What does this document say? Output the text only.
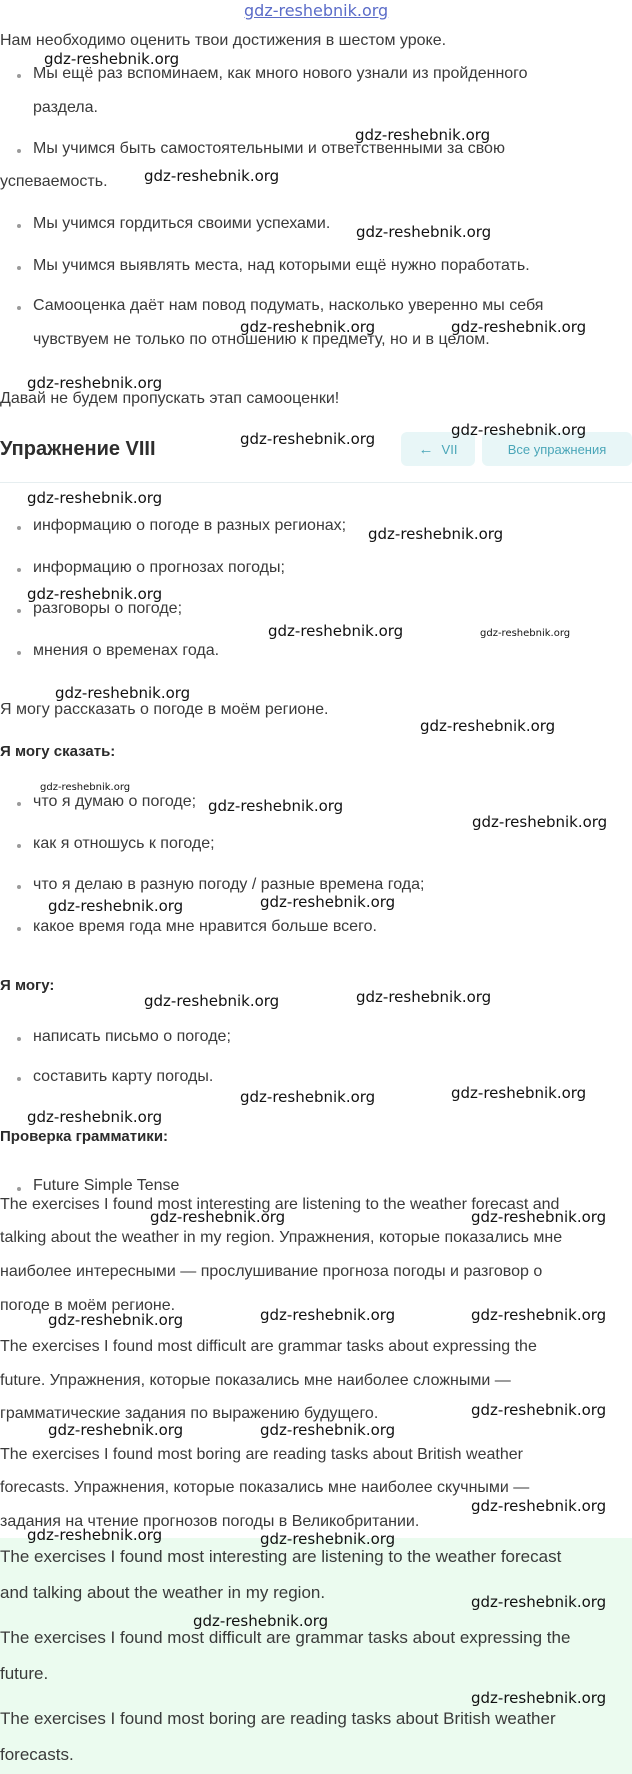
gdz-reshebnik.org
Нам необходимо оценить твои достижения в шестом уроке.
Мы ещё раз вспоминаем, как много нового узнали из пройденного
раздела.
Мы учимся быть самостоятельными и ответственными за свою
успеваемость.
Мы учимся гордиться своими успехами.
Мы учимся выявлять места, над которыми ещё нужно поработать.
Самооценка даёт нам повод подумать, насколько уверенно мы себя
чувствуем не только по отношению к предмету, но и в целом.
Давай не будем пропускать этап самооценки!
Упражнение VIII	← VII	Все упражнения
информацию о погоде в разных регионах;
информацию о прогнозах погоды;
разговоры о погоде;
мнения о временах года.
Я могу рассказать о погоде в моём регионе.
Я могу сказать:
что я думаю о погоде;
как я отношусь к погоде;
что я делаю в разную погоду / разные времена года;
какое время года мне нравится больше всего.
Я могу:
написать письмо о погоде;
составить карту погоды.
Проверка грамматики:
Future Simple Tense
The exercises I found most interesting are listening to the weather forecast and
talking about the weather in my region. Упражнения, которые показались мне
наиболее интересными — прослушивание прогноза погоды и разговор о
погоде в моём регионе.
The exercises I found most difficult are grammar tasks about expressing the
future. Упражнения, которые показались мне наиболее сложными —
грамматические задания по выражению будущего.
The exercises I found most boring are reading tasks about British weather
forecasts. Упражнения, которые показались мне наиболее скучными —
задания на чтение прогнозов погоды в Великобритании.
The exercises I found most interesting are listening to the weather forecast
and talking about the weather in my region.
The exercises I found most difficult are grammar tasks about expressing the
future.
The exercises I found most boring are reading tasks about British weather
forecasts.
gdz-reshebnik.org
gdz-reshebnik.org
gdz-reshebnik.org
gdz-reshebnik.org
gdz-reshebnik.org	gdz-reshebnik.org
gdz-reshebnik.org
gdz-reshebnik.org
gdz-reshebnik.org
gdz-reshebnik.org
gdz-reshebnik.org
gdz-reshebnik.org
gdz-reshebnik.org	gdz-reshebnik.org
gdz-reshebnik.org
gdz-reshebnik.org
gdz-reshebnik.org
gdz-reshebnik.org
gdz-reshebnik.org
gdz-reshebnik.org
gdz-reshebnik.org
gdz-reshebnik.org	gdz-reshebnik.org
gdz-reshebnik.org	gdz-reshebnik.org
gdz-reshebnik.org
gdz-reshebnik.org	gdz-reshebnik.org
gdz-reshebnik.org	gdz-reshebnik.org	gdz-reshebnik.org
gdz-reshebnik.org
gdz-reshebnik.org	gdz-reshebnik.org
gdz-reshebnik.org
gdz-reshebnik.org	gdz-reshebnik.org
gdz-reshebnik.org
gdz-reshebnik.org
gdz-reshebnik.org
